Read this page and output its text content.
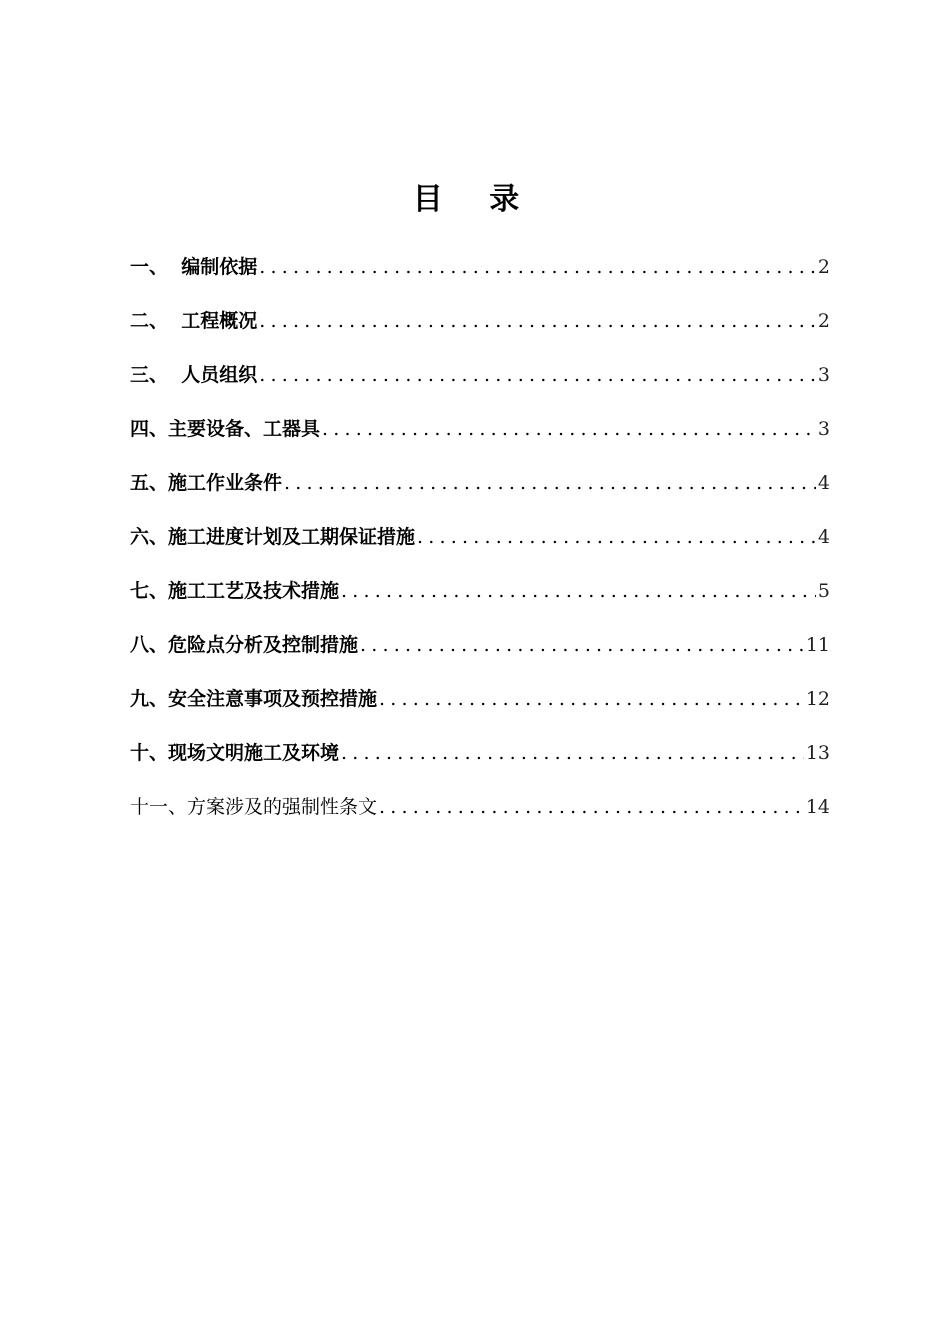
目 录
一、  编制依据 .....	2
二、  工程概况 .....	2
三、  人员组织 .....	3
四、主要设备、工器具 .....	3
五、施工作业条件 .....	4
六、施工进度计划及工期保证措施 .....	4
七、施工工艺及技术措施 .....	5
八、危险点分析及控制措施 .....	11
九、安全注意事项及预控措施 .....	12
十、现场文明施工及环境 .....	13
十一、方案涉及的强制性条文 .....	14
